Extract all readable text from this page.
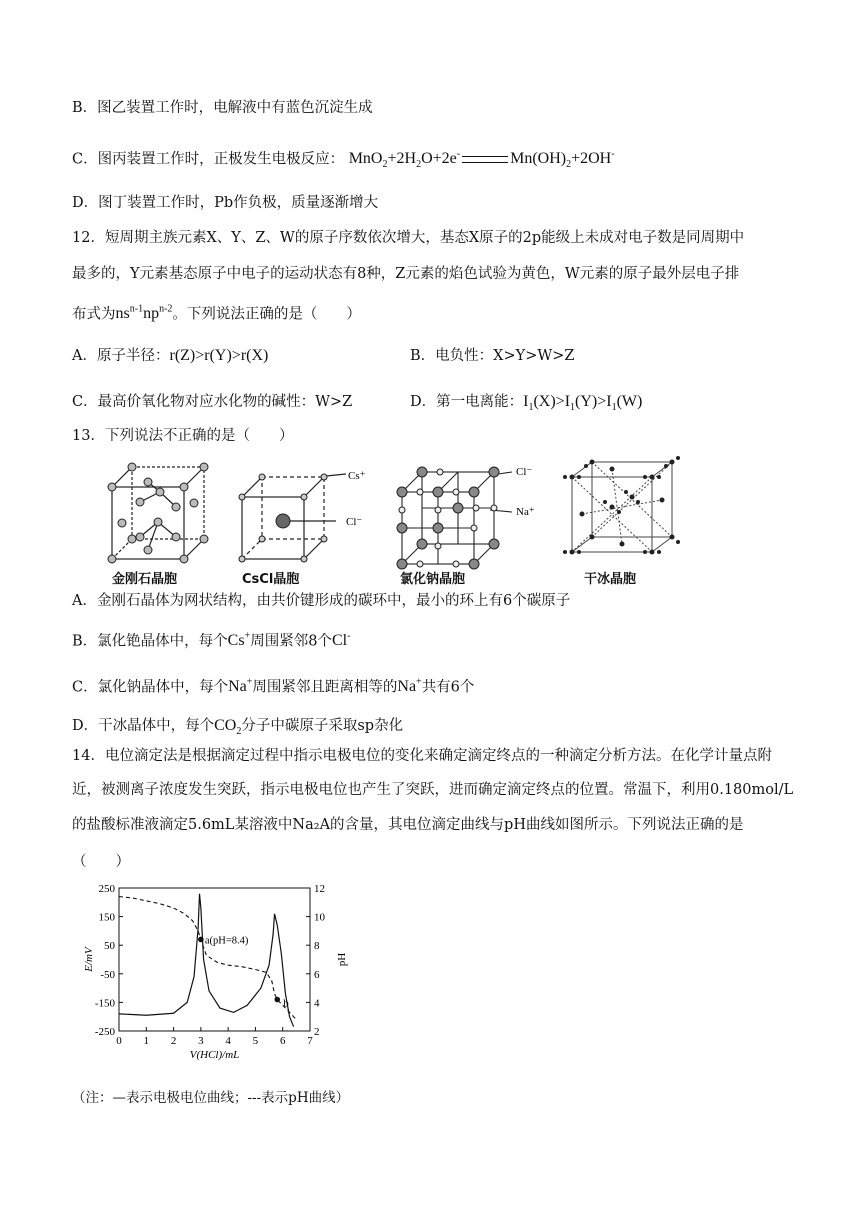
B．图乙装置工作时，电解液中有蓝色沉淀生成
C．图丙装置工作时，正极发生电极反应： $MnO_2+2H_2O+2e^-$	$Mn(OH)_2+2OH^-$
D．图丁装置工作时，Pb作负极，质量逐渐增大
12．短周期主族元素X、Y、Z、W的原子序数依次增大，基态X原子的2p能级上未成对电子数是同周期中
最多的，Y元素基态原子中电子的运动状态有8种，Z元素的焰色试验为黄色，W元素的原子最外层电子排
布式为$ns^{n-1}np^{n-2}$。下列说法正确的是（　　）
A．原子半径：r(Z)>r(Y)>r(X)	B．电负性：X>Y>W>Z
C．最高价氧化物对应水化物的碱性：W>Z	D．第一电离能：$I_1(X)>I_1(Y)>I_1(W)$
13．下列说法不正确的是（　　）
Cs⁺
Cl⁻
Cl⁻
Na⁺
金刚石晶胞	CsCl晶胞	氯化钠晶胞	干冰晶胞
A．金刚石晶体为网状结构，由共价键形成的碳环中，最小的环上有6个碳原子
B．氯化铯晶体中，每个Cs+周围紧邻8个Cl-
C．氯化钠晶体中，每个Na+周围紧邻且距离相等的Na+共有6个
D．干冰晶体中，每个$CO_2$分子中碳原子采取sp杂化
14．电位滴定法是根据滴定过程中指示电极电位的变化来确定滴定终点的一种滴定分析方法。在化学计量点附
近，被测离子浓度发生突跃，指示电极电位也产生了突跃，进而确定滴定终点的位置。常温下，利用0.180mol/L
的盐酸标准液滴定5.6mL某溶液中Na₂A的含量，其电位滴定曲线与pH曲线如图所示。下列说法正确的是
（　　）
0 1 2 3 4 5 6 7
250
150
50
-50
-150
-250
12
10
8
6
4
2
V(HCl)/mL
E/mV	pH
a(pH=8.4)
b
（注：—表示电极电位曲线；---表示pH曲线）
